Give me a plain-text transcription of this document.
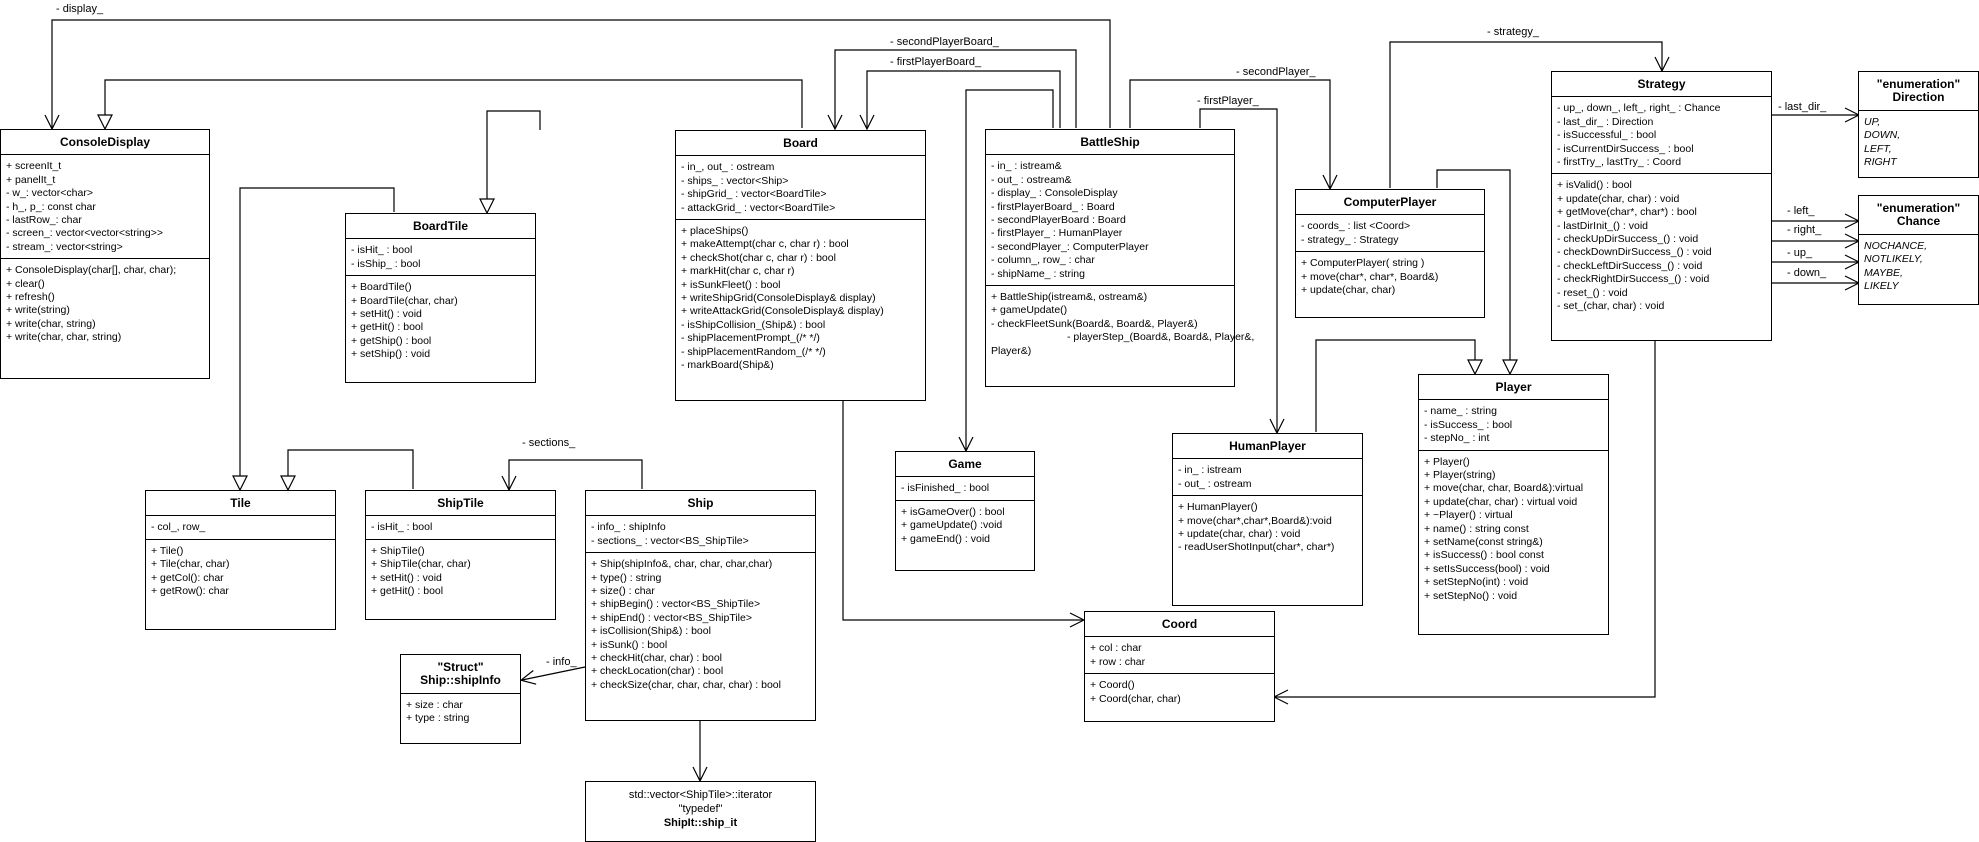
- display_
- secondPlayerBoard_
- firstPlayerBoard_
- secondPlayer_
- firstPlayer_
- strategy_
- sections_
- info_
- last_dir_
- left_
- right_
- up_
- down_
ConsoleDisplay
+ screenIt_t
+ panelIt_t
- w_: vector<char>
- h_, p_: const char
- lastRow_: char
- screen_: vector<vector<string>>
- stream_: vector<string>
+ ConsoleDisplay(char[], char, char);
+ clear()
+ refresh()
+ write(string)
+ write(char, string)
+ write(char, char, string)
BoardTile
- isHit_ : bool
- isShip_ : bool
+ BoardTile()
+ BoardTile(char, char)
+ setHit() : void
+ getHit() : bool
+ getShip() : bool
+ setShip() : void
Board
- in_, out_ : ostream
- ships_ : vector<Ship>
- shipGrid_ : vector<BoardTile>
- attackGrid_ : vector<BoardTile>
+ placeShips()
+ makeAttempt(char c, char r) : bool
+ checkShot(char c, char r) : bool
+ markHit(char c, char r)
+ isSunkFleet() : bool
+ writeShipGrid(ConsoleDisplay& display)
+ writeAttackGrid(ConsoleDisplay& display)
- isShipCollision_(Ship&) : bool
- shipPlacementPrompt_(/* */)
- shipPlacementRandom_(/* */)
- markBoard(Ship&)
BattleShip
- in_ : istream&
- out_ : ostream&
- display_ : ConsoleDisplay
- firstPlayerBoard_ : Board
- secondPlayerBoard : Board
- firstPlayer_ : HumanPlayer
- secondPlayer_: ComputerPlayer
- column_, row_ : char
- shipName_ : string
+ BattleShip(istream&, ostream&)
+ gameUpdate()
- checkFleetSunk(Board&, Board&, Player&)
- playerStep_(Board&, Board&, Player&,
Player&)
ComputerPlayer
- coords_ : list <Coord>
- strategy_ : Strategy
+ ComputerPlayer( string )
+ move(char*, char*, Board&)
+ update(char, char)
Strategy
- up_, down_, left_, right_ : Chance
- last_dir_ : Direction
- isSuccessful_ : bool
- isCurrentDirSuccess_ : bool
- firstTry_, lastTry_ : Coord
+ isValid() : bool
+ update(char, char) : void
+ getMove(char*, char*) : bool
- lastDirInit_() : void
- checkUpDirSuccess_() : void
- checkDownDirSuccess_() : void
- checkLeftDirSuccess_() : void
- checkRightDirSuccess_() : void
- reset_() : void
- set_(char, char) : void
"enumeration"
Direction
UP,
DOWN,
LEFT,
RIGHT
"enumeration"
Chance
NOCHANCE,
NOTLIKELY,
MAYBE,
LIKELY
Player
- name_ : string
- isSuccess_ : bool
- stepNo_ : int
+ Player()
+ Player(string)
+ move(char, char, Board&):virtual
+ update(char, char) : virtual void
+ ~Player() : virtual
+ name() : string const
+ setName(const string&)
+ isSuccess() : bool const
+ setIsSuccess(bool) : void
+ setStepNo(int) : void
+ setStepNo() : void
HumanPlayer
- in_ : istream
- out_ : ostream
+ HumanPlayer()
+ move(char*,char*,Board&):void
+ update(char, char) : void
- readUserShotInput(char*, char*)
Game
- isFinished_ : bool
+ isGameOver() : bool
+ gameUpdate() :void
+ gameEnd() : void
Coord
+ col : char
+ row : char
+ Coord()
+ Coord(char, char)
Tile
- col_, row_
+ Tile()
+ Tile(char, char)
+ getCol(): char
+ getRow(): char
ShipTile
- isHit_ : bool
+ ShipTile()
+ ShipTile(char, char)
+ setHit() : void
+ getHit() : bool
Ship
- info_ : shipInfo
- sections_ : vector<BS_ShipTile>
+ Ship(shipInfo&, char, char, char,char)
+ type() : string
+ size() : char
+ shipBegin() : vector<BS_ShipTile>
+ shipEnd() : vector<BS_ShipTile>
+ isCollision(Ship&) : bool
+ isSunk() : bool
+ checkHit(char, char) : bool
+ checkLocation(char) : bool
+ checkSize(char, char, char, char) : bool
"Struct"
Ship::shipInfo
+ size : char
+ type : string
std::vector<ShipTile>::iterator
"typedef"
ShipIt::ship_it
